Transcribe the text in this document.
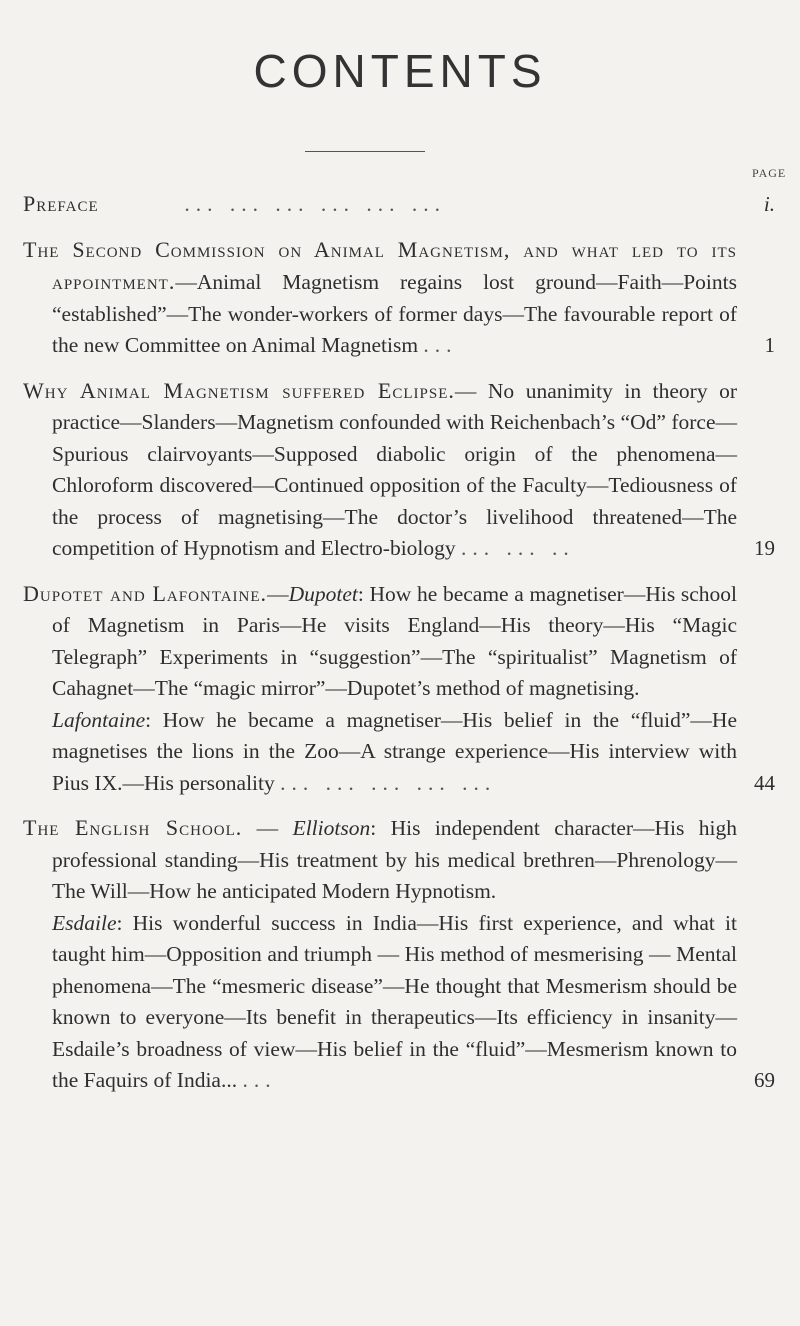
CONTENTS
PAGE

Preface	... ... ... ... ... ...	i.

The Second Commission on Animal Magnetism, and what led to its appointment.—Animal Magnetism regains lost ground—Faith—Points “established”—The wonder-workers of former days—The favourable report of the new Committee on Animal Magnetism ...	1

Why Animal Magnetism suffered Eclipse.— No unanimity in theory or practice—Slanders—Magnetism confounded with Reichenbach’s “Od” force—Spurious clairvoyants—Supposed diabolic origin of the phenomena—Chloroform discovered—Continued opposition of the Faculty—Tediousness of the process of magnetising—The doctor’s livelihood threatened—The competition of Hypnotism and Electro-biology ... ... ..	19

Dupotet and Lafontaine.—Dupotet: How he became a magnetiser—His school of Magnetism in Paris—He visits England—His theory—His “Magic Telegraph” Experiments in “suggestion”—The “spiritualist” Magnetism of Cahagnet—The “magic mirror”—Dupotet’s method of magnetising.

Lafontaine: How he became a magnetiser—His belief in the “fluid”—He magnetises the lions in the Zoo—A strange experience—His interview with Pius IX.—His personality ... ... ... ... ...	44

The English School. — Elliotson: His independent character—His high professional standing—His treatment by his medical brethren—Phrenology—The Will—How he anticipated Modern Hypnotism.

Esdaile: His wonderful success in India—His first experience, and what it taught him—Opposition and triumph — His method of mesmerising — Mental phenomena—The “mesmeric disease”—He thought that Mesmerism should be known to everyone—Its benefit in therapeutics—Its efficiency in insanity—Esdaile’s broadness of view—His belief in the “fluid”—Mesmerism known to the Faquirs of India... ...	69
